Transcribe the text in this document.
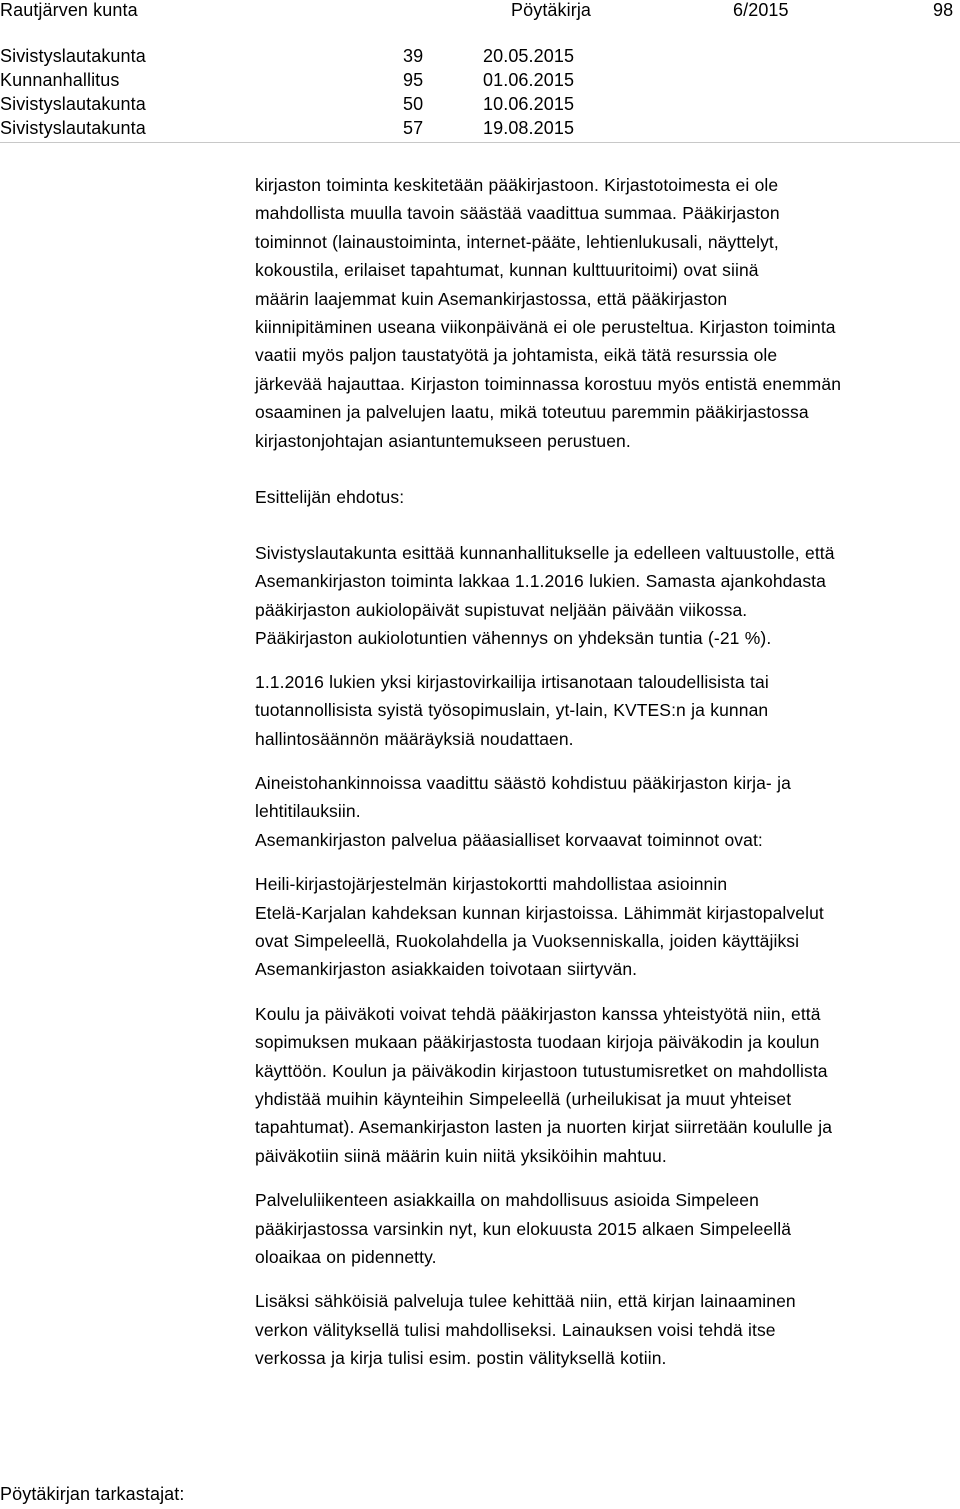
Rautjärven kunta	Pöytäkirja	6/2015	98
Sivistyslautakunta	39	20.05.2015
Kunnanhallitus	95	01.06.2015
Sivistyslautakunta	50	10.06.2015
Sivistyslautakunta	57	19.08.2015

kirjaston toiminta keskitetään pääkirjastoon. Kirjastotoimesta ei ole
mahdollista muulla tavoin säästää vaadittua summaa. Pääkirjaston
toiminnot (lainaustoiminta, internet-pääte, lehtienlukusali, näyttelyt,
kokoustila, erilaiset tapahtumat, kunnan kulttuuritoimi) ovat siinä
määrin laajemmat kuin Asemankirjastossa, että pääkirjaston
kiinnipitäminen useana viikonpäivänä ei ole perusteltua. Kirjaston toiminta
vaatii myös paljon taustatyötä ja johtamista, eikä tätä resurssia ole
järkevää hajauttaa. Kirjaston toiminnassa korostuu myös entistä enemmän
osaaminen ja palvelujen laatu, mikä toteutuu paremmin pääkirjastossa
kirjastonjohtajan asiantuntemukseen perustuen.

Esittelijän ehdotus:

Sivistyslautakunta esittää kunnanhallitukselle ja edelleen valtuustolle, että
Asemankirjaston toiminta lakkaa 1.1.2016 lukien. Samasta ajankohdasta
pääkirjaston aukiolopäivät supistuvat neljään päivään viikossa.
Pääkirjaston aukiolotuntien vähennys on yhdeksän tuntia (-21 %).

1.1.2016 lukien yksi kirjastovirkailija irtisanotaan taloudellisista tai
tuotannollisista syistä työsopimuslain, yt-lain, KVTES:n ja kunnan
hallintosäännön määräyksiä noudattaen.

Aineistohankinnoissa vaadittu säästö kohdistuu pääkirjaston kirja- ja
lehtitilauksiin.
Asemankirjaston palvelua pääasialliset korvaavat toiminnot ovat:

Heili-kirjastojärjestelmän kirjastokortti mahdollistaa asioinnin
Etelä-Karjalan kahdeksan kunnan kirjastoissa. Lähimmät kirjastopalvelut
ovat Simpeleellä, Ruokolahdella ja Vuoksenniskalla, joiden käyttäjiksi
Asemankirjaston asiakkaiden toivotaan siirtyvän.

Koulu ja päiväkoti voivat tehdä pääkirjaston kanssa yhteistyötä niin, että
sopimuksen mukaan pääkirjastosta tuodaan kirjoja päiväkodin ja koulun
käyttöön. Koulun ja päiväkodin kirjastoon tutustumisretket on mahdollista
yhdistää muihin käynteihin Simpeleellä (urheilukisat ja muut yhteiset
tapahtumat). Asemankirjaston lasten ja nuorten kirjat siirretään koululle ja
päiväkotiin siinä määrin kuin niitä yksiköihin mahtuu.

Palveluliikenteen asiakkailla on mahdollisuus asioida Simpeleen
pääkirjastossa varsinkin nyt, kun elokuusta 2015 alkaen Simpeleellä
oloaikaa on pidennetty.

Lisäksi sähköisiä palveluja tulee kehittää niin, että kirjan lainaaminen
verkon välityksellä tulisi mahdolliseksi. Lainauksen voisi tehdä itse
verkossa ja kirja tulisi esim. postin välityksellä kotiin.

Pöytäkirjan tarkastajat:
